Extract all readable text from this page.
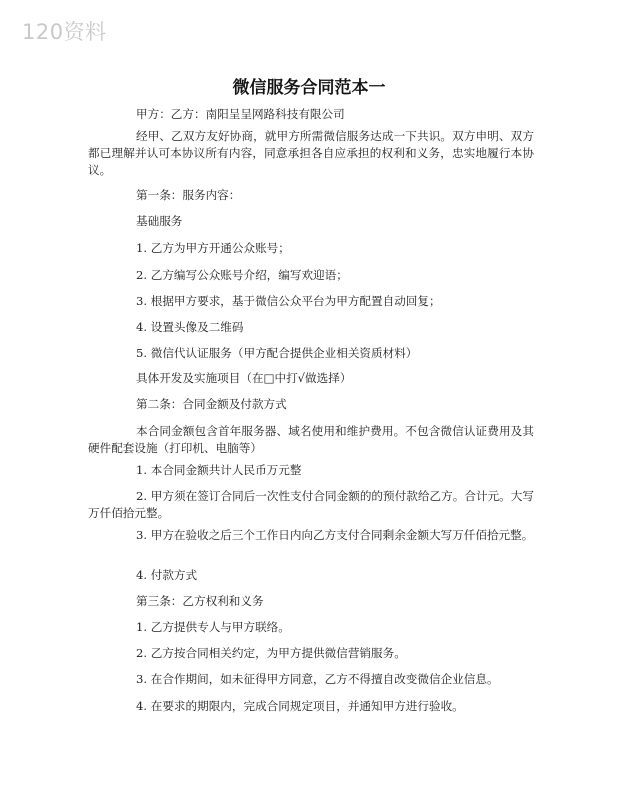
120资料
微信服务合同范本一
甲方：乙方：南阳呈呈网路科技有限公司
经甲、乙双方友好协商，就甲方所需微信服务达成一下共识。双方申明、双方都已理解并认可本协议所有内容，同意承担各自应承担的权利和义务，忠实地履行本协议。
第一条：服务内容：
基础服务
1. 乙方为甲方开通公众账号；
2. 乙方编写公众账号介绍，编写欢迎语；
3. 根据甲方要求，基于微信公众平台为甲方配置自动回复；
4. 设置头像及二维码
5. 微信代认证服务（甲方配合提供企业相关资质材料）
具体开发及实施项目（在□中打√做选择）
第二条：合同金额及付款方式
本合同金额包含首年服务器、域名使用和维护费用。不包含微信认证费用及其硬件配套设施（打印机、电脑等）
1. 本合同金额共计人民币万元整
2. 甲方须在签订合同后一次性支付合同金额的的预付款给乙方。合计元。大写万仟佰拾元整。
3. 甲方在验收之后三个工作日内向乙方支付合同剩余金额大写万仟佰拾元整。
4. 付款方式
第三条：乙方权利和义务
1. 乙方提供专人与甲方联络。
2. 乙方按合同相关约定，为甲方提供微信营销服务。
3. 在合作期间，如未征得甲方同意，乙方不得擅自改变微信企业信息。
4. 在要求的期限内，完成合同规定项目，并通知甲方进行验收。
